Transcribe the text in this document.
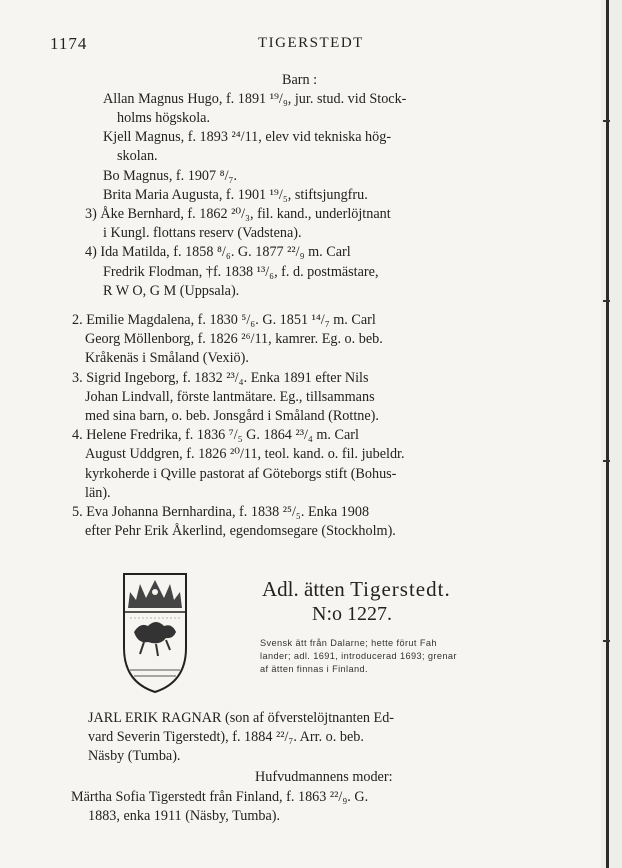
1174	TIGERSTEDT
Barn :
Allan Magnus Hugo, f. 1891 ¹⁹/₉, jur. stud. vid Stock-
holms högskola.
Kjell Magnus, f. 1893 ²⁴/11, elev vid tekniska hög-
skolan.
Bo Magnus, f. 1907 ⁸/₇.
Brita Maria Augusta, f. 1901 ¹⁹/₅, stiftsjungfru.
3) Åke Bernhard, f. 1862 ²⁰/₃, fil. kand., underlöjtnant
i Kungl. flottans reserv (Vadstena).
4) Ida Matilda, f. 1858 ⁸/₆. G. 1877 ²²/₉ m. Carl
Fredrik Flodman, †f. 1838 ¹³/₆, f. d. postmästare,
R W O, G M (Uppsala).
2. Emilie Magdalena, f. 1830 ⁵/₆. G. 1851 ¹⁴/₇ m. Carl
Georg Möllenborg, f. 1826 ²⁶/11, kamrer. Eg. o. beb.
Kråkenäs i Småland (Vexiö).
3. Sigrid Ingeborg, f. 1832 ²³/₄. Enka 1891 efter Nils
Johan Lindvall, förste lantmätare. Eg., tillsammans
med sina barn, o. beb. Jonsgård i Småland (Rottne).
4. Helene Fredrika, f. 1836 ⁷/₅ G. 1864 ²³/₄ m. Carl
August Uddgren, f. 1826 ²⁰/11, teol. kand. o. fil. jubeldr.
kyrkoherde i Qville pastorat af Göteborgs stift (Bohus-
län).
5. Eva Johanna Bernhardina, f. 1838 ²⁵/₅. Enka 1908
efter Pehr Erik Åkerlind, egendomsegare (Stockholm).
Adl. ätten Tigerstedt.
N:o 1227.
Svensk ätt från Dalarne; hette förut Fah
lander; adl. 1691, introducerad 1693; grenar
af ätten finnas i Finland.
JARL ERIK RAGNAR (son af öfverstelöjtnanten Ed-
vard Severin Tigerstedt), f. 1884 ²²/₇. Arr. o. beb.
Näsby (Tumba).
Hufvudmannens moder:
Märtha Sofia Tigerstedt från Finland, f. 1863 ²²/₉. G.
1883, enka 1911 (Näsby, Tumba).
